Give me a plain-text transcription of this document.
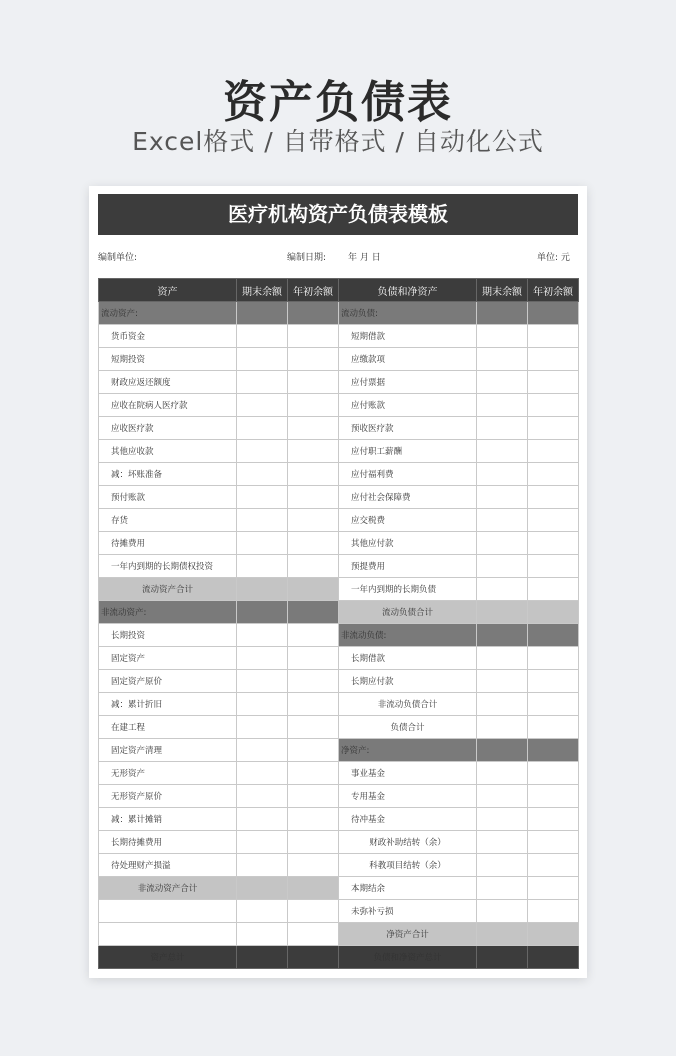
资产负债表
Excel格式 / 自带格式 / 自动化公式
医疗机构资产负债表模板
编制单位:	编制日期: 年 月 日	单位: 元
资产	期末余额	年初余额	负债和净资产	期末余额	年初余额
流动资产:			流动负债:		
货币资金			短期借款		
短期投资			应缴款项		
财政应返还额度			应付票据		
应收在院病人医疗款			应付账款		
应收医疗款			预收医疗款		
其他应收款			应付职工薪酬		
减：坏账准备			应付福利费		
预付账款			应付社会保障费		
存货			应交税费		
待摊费用			其他应付款		
一年内到期的长期债权投资			预提费用		
流动资产合计			一年内到期的长期负债		
非流动资产:			流动负债合计		
长期投资			非流动负债:		
固定资产			长期借款		
固定资产原价			长期应付款		
减：累计折旧			非流动负债合计		
在建工程			负债合计		
固定资产清理			净资产:		
无形资产			事业基金		
无形资产原价			专用基金		
减：累计摊销			待冲基金		
长期待摊费用			财政补助结转（余）		
待处理财产损溢			科教项目结转（余）		
非流动资产合计			本期结余		
			未弥补亏损		
			净资产合计		
资产总计			负债和净资产总计		
